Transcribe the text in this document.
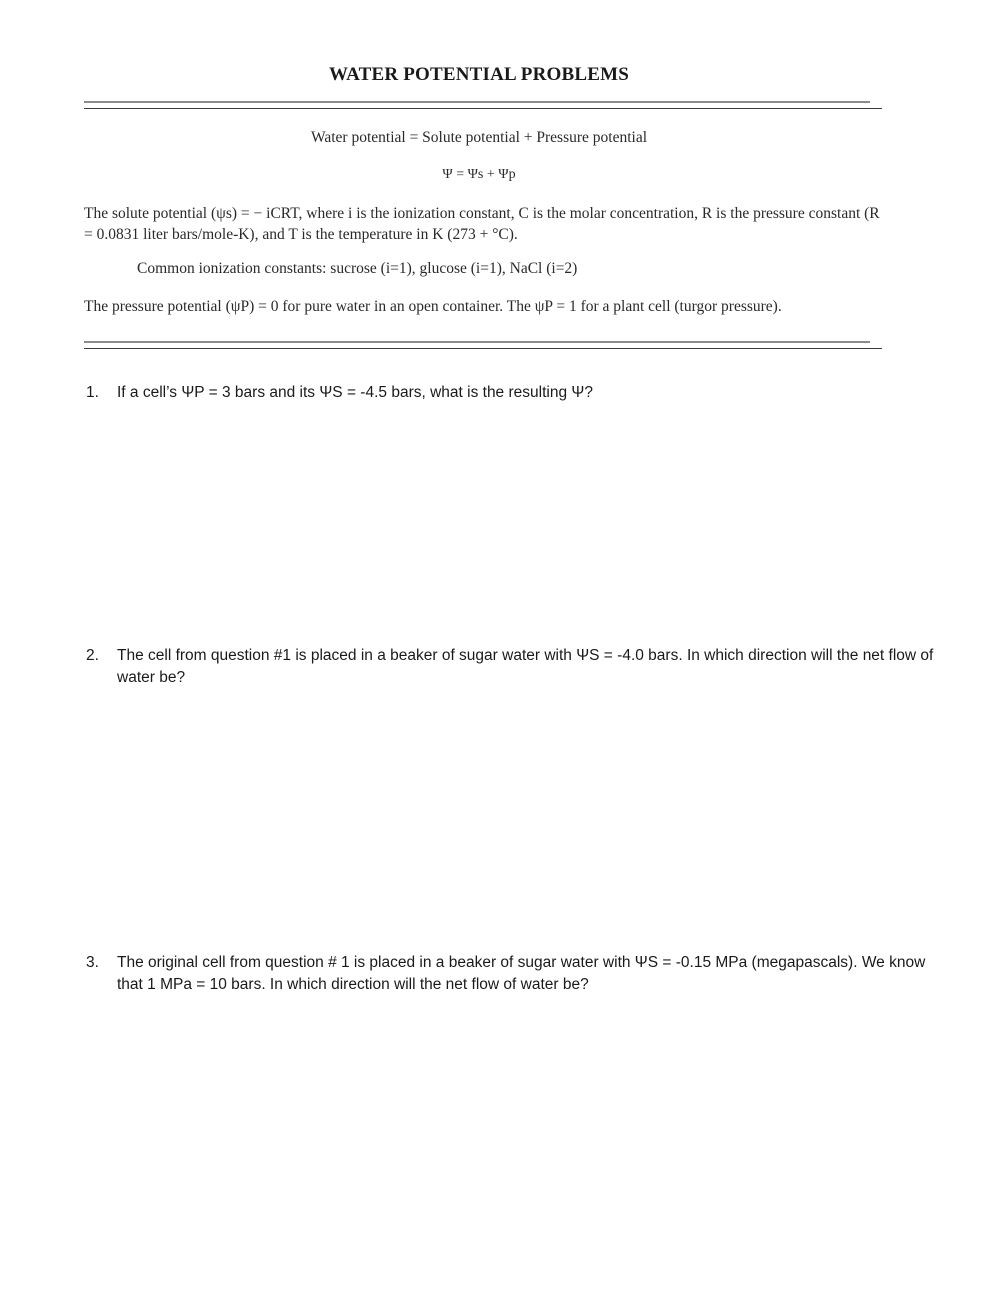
WATER POTENTIAL PROBLEMS

Water potential = Solute potential + Pressure potential

Ψ = Ψs + Ψp

The solute potential (ψs) = − iCRT, where i is the ionization constant, C is the molar concentration, R is the pressure constant (R = 0.0831 liter bars/mole-K), and T is the temperature in K (273 + °C).

Common ionization constants: sucrose (i=1), glucose (i=1), NaCl (i=2)

The pressure potential (ψP) = 0 for pure water in an open container. The ψP = 1 for a plant cell (turgor pressure).

1. If a cell’s ΨP = 3 bars and its ΨS = -4.5 bars, what is the resulting Ψ?
2. The cell from question #1 is placed in a beaker of sugar water with ΨS = -4.0 bars. In which direction will the net flow of water be?
3. The original cell from question # 1 is placed in a beaker of sugar water with ΨS = -0.15 MPa (megapascals). We know that 1 MPa = 10 bars. In which direction will the net flow of water be?
